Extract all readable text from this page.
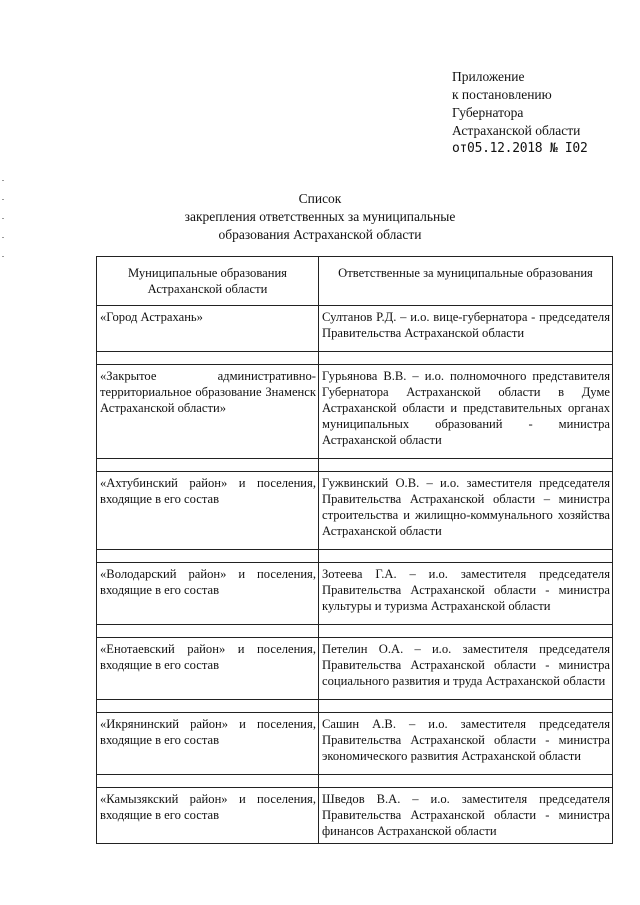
Приложение
к постановлению
Губернатора
Астраханской области
от05.12.2018 № I02
Список
закрепления ответственных за муниципальные
образования Астраханской области
Муниципальные образования Астраханской области	Ответственные за муниципальные образования
«Город Астрахань»	Султанов Р.Д. – и.о. вице-губернатора - председателя Правительства Астраханской области

«Закрытое административно-территориальное образование Знаменск Астраханской области»	Гурьянова В.В. – и.о. полномочного представителя Губернатора Астраханской области в Думе Астраханской области и представительных органах муниципальных образований - министра Астраханской области

«Ахтубинский район» и поселения, входящие в его состав	Гужвинский О.В. – и.о. заместителя председателя Правительства Астраханской области – министра строительства и жилищно-коммунального хозяйства Астраханской области

«Володарский район» и поселения, входящие в его состав	Зотеева Г.А. – и.о. заместителя председателя Правительства Астраханской области - министра культуры и туризма Астраханской области

«Енотаевский район» и поселения, входящие в его состав	Петелин О.А. – и.о. заместителя председателя Правительства Астраханской области - министра социального развития и труда Астраханской области

«Икрянинский район» и поселения, входящие в его состав	Сашин А.В. – и.о. заместителя председателя Правительства Астраханской области - министра экономического развития Астраханской области

«Камызякский район» и поселения, входящие в его состав	Шведов В.А. – и.о. заместителя председателя Правительства Астраханской области - министра финансов Астраханской области
